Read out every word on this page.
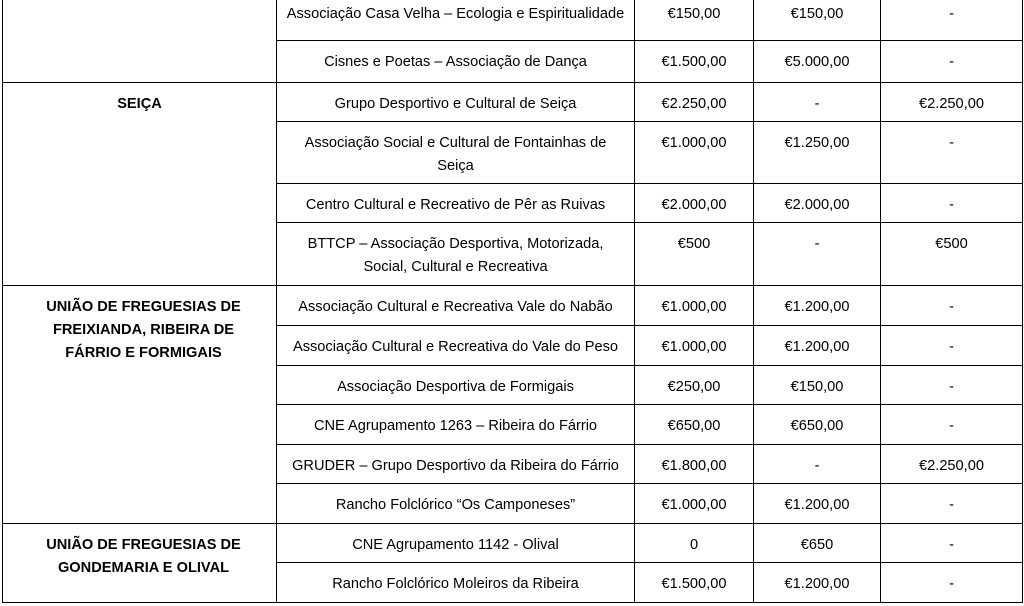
	Associação Casa Velha – Ecologia e Espiritualidade	€150,00	€150,00	-

	Cisnes e Poetas – Associação de Dança	€1.500,00	€5.000,00	-

SEIÇA	Grupo Desportivo e Cultural de Seiça	€2.250,00	-	€2.250,00

	Associação Social e Cultural de Fontainhas de Seiça	€1.000,00	€1.250,00	-

	Centro Cultural e Recreativo de Pêr as Ruivas	€2.000,00	€2.000,00	-

	BTTCP – Associação Desportiva, Motorizada, Social, Cultural e Recreativa	€500	-	€500

UNIÃO DE FREGUESIAS DE FREIXIANDA, RIBEIRA DE FÁRRIO E FORMIGAIS	Associação Cultural e Recreativa Vale do Nabão	€1.000,00	€1.200,00	-

	Associação Cultural e Recreativa do Vale do Peso	€1.000,00	€1.200,00	-

	Associação Desportiva de Formigais	€250,00	€150,00	-

	CNE Agrupamento 1263 – Ribeira do Fárrio	€650,00	€650,00	-

	GRUDER – Grupo Desportivo da Ribeira do Fárrio	€1.800,00	-	€2.250,00

	Rancho Folclórico “Os Camponeses”	€1.000,00	€1.200,00	-

UNIÃO DE FREGUESIAS DE GONDEMARIA E OLIVAL	CNE Agrupamento 1142 - Olival	0	€650	-

	Rancho Folclórico Moleiros da Ribeira	€1.500,00	€1.200,00	-
